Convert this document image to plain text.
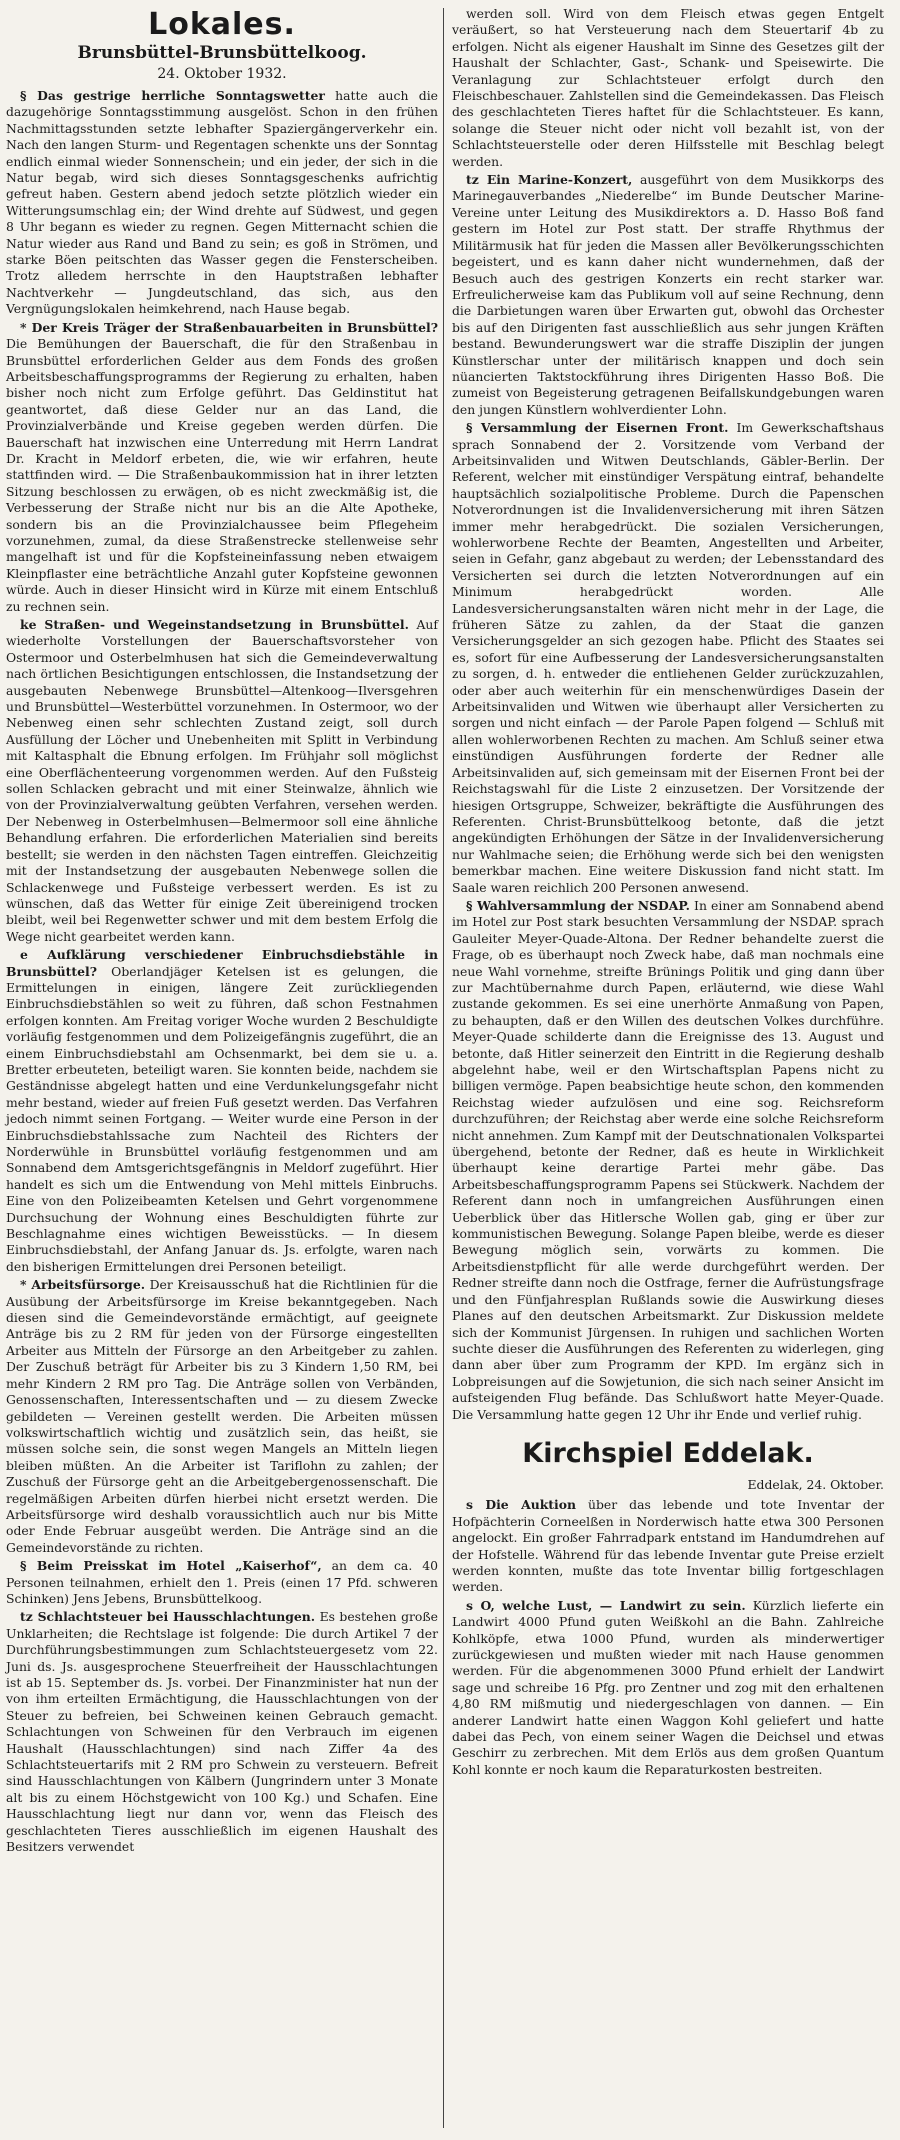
Lokales.
Brunsbüttel-Brunsbüttelkoog.
24. Oktober 1932.

§ Das gestrige herrliche Sonntagswetter hatte auch die dazugehörige Sonntagsstimmung ausgelöst. Schon in den frühen Nachmittagsstunden setzte lebhafter Spaziergängerverkehr ein. Nach den langen Sturm- und Regentagen schenkte uns der Sonntag endlich einmal wieder Sonnenschein; und ein jeder, der sich in die Natur begab, wird sich dieses Sonntagsgeschenks aufrichtig gefreut haben. Gestern abend jedoch setzte plötzlich wieder ein Witterungsumschlag ein; der Wind drehte auf Südwest, und gegen 8 Uhr begann es wieder zu regnen. Gegen Mitternacht schien die Natur wieder aus Rand und Band zu sein; es goß in Strömen, und starke Böen peitschten das Wasser gegen die Fensterscheiben. Trotz alledem herrschte in den Hauptstraßen lebhafter Nachtverkehr — Jungdeutschland, das sich, aus den Vergnügungslokalen heimkehrend, nach Hause begab.

* Der Kreis Träger der Straßenbauarbeiten in Brunsbüttel? Die Bemühungen der Bauerschaft, die für den Straßenbau in Brunsbüttel erforderlichen Gelder aus dem Fonds des großen Arbeitsbeschaffungsprogramms der Regierung zu erhalten, haben bisher noch nicht zum Erfolge geführt. Das Geldinstitut hat geantwortet, daß diese Gelder nur an das Land, die Provinzialverbände und Kreise gegeben werden dürfen. Die Bauerschaft hat inzwischen eine Unterredung mit Herrn Landrat Dr. Kracht in Meldorf erbeten, die, wie wir erfahren, heute stattfinden wird. — Die Straßenbaukommission hat in ihrer letzten Sitzung beschlossen zu erwägen, ob es nicht zweckmäßig ist, die Verbesserung der Straße nicht nur bis an die Alte Apotheke, sondern bis an die Provinzialchaussee beim Pflegeheim vorzunehmen, zumal, da diese Straßenstrecke stellenweise sehr mangelhaft ist und für die Kopfsteineinfassung neben etwaigem Kleinpflaster eine beträchtliche Anzahl guter Kopfsteine gewonnen würde. Auch in dieser Hinsicht wird in Kürze mit einem Entschluß zu rechnen sein.

ke Straßen- und Wegeinstandsetzung in Brunsbüttel. Auf wiederholte Vorstellungen der Bauerschaftsvorsteher von Ostermoor und Osterbelmhusen hat sich die Gemeindeverwaltung nach örtlichen Besichtigungen entschlossen, die Instandsetzung der ausgebauten Nebenwege Brunsbüttel—Altenkoog—Ilversgehren und Brunsbüttel—Westerbüttel vorzunehmen. In Ostermoor, wo der Nebenweg einen sehr schlechten Zustand zeigt, soll durch Ausfüllung der Löcher und Unebenheiten mit Splitt in Verbindung mit Kaltasphalt die Ebnung erfolgen. Im Frühjahr soll möglichst eine Oberflächenteerung vorgenommen werden. Auf den Fußsteig sollen Schlacken gebracht und mit einer Steinwalze, ähnlich wie von der Provinzialverwaltung geübten Verfahren, versehen werden. Der Nebenweg in Osterbelmhusen—Belmermoor soll eine ähnliche Behandlung erfahren. Die erforderlichen Materialien sind bereits bestellt; sie werden in den nächsten Tagen eintreffen. Gleichzeitig mit der Instandsetzung der ausgebauten Nebenwege sollen die Schlackenwege und Fußsteige verbessert werden. Es ist zu wünschen, daß das Wetter für einige Zeit übereinigend trocken bleibt, weil bei Regenwetter schwer und mit dem bestem Erfolg die Wege nicht gearbeitet werden kann.

e Aufklärung verschiedener Einbruchsdiebstähle in Brunsbüttel? Oberlandjäger Ketelsen ist es gelungen, die Ermittelungen in einigen, längere Zeit zurückliegenden Einbruchsdiebstählen so weit zu führen, daß schon Festnahmen erfolgen konnten. Am Freitag voriger Woche wurden 2 Beschuldigte vorläufig festgenommen und dem Polizeigefängnis zugeführt, die an einem Einbruchsdiebstahl am Ochsenmarkt, bei dem sie u. a. Bretter erbeuteten, beteiligt waren. Sie konnten beide, nachdem sie Geständnisse abgelegt hatten und eine Verdunkelungsgefahr nicht mehr bestand, wieder auf freien Fuß gesetzt werden. Das Verfahren jedoch nimmt seinen Fortgang. — Weiter wurde eine Person in der Einbruchsdiebstahlssache zum Nachteil des Richters der Norderwühle in Brunsbüttel vorläufig festgenommen und am Sonnabend dem Amtsgerichtsgefängnis in Meldorf zugeführt. Hier handelt es sich um die Entwendung von Mehl mittels Einbruchs. Eine von den Polizeibeamten Ketelsen und Gehrt vorgenommene Durchsuchung der Wohnung eines Beschuldigten führte zur Beschlagnahme eines wichtigen Beweisstücks. — In diesem Einbruchsdiebstahl, der Anfang Januar ds. Js. erfolgte, waren nach den bisherigen Ermittelungen drei Personen beteiligt.

* Arbeitsfürsorge. Der Kreisausschuß hat die Richtlinien für die Ausübung der Arbeitsfürsorge im Kreise bekanntgegeben. Nach diesen sind die Gemeindevorstände ermächtigt, auf geeignete Anträge bis zu 2 RM für jeden von der Fürsorge eingestellten Arbeiter aus Mitteln der Fürsorge an den Arbeitgeber zu zahlen. Der Zuschuß beträgt für Arbeiter bis zu 3 Kindern 1,50 RM, bei mehr Kindern 2 RM pro Tag. Die Anträge sollen von Verbänden, Genossenschaften, Interessentschaften und — zu diesem Zwecke gebildeten — Vereinen gestellt werden. Die Arbeiten müssen volkswirtschaftlich wichtig und zusätzlich sein, das heißt, sie müssen solche sein, die sonst wegen Mangels an Mitteln liegen bleiben müßten. An die Arbeiter ist Tariflohn zu zahlen; der Zuschuß der Fürsorge geht an die Arbeitgebergenossenschaft. Die regelmäßigen Arbeiten dürfen hierbei nicht ersetzt werden. Die Arbeitsfürsorge wird deshalb voraussichtlich auch nur bis Mitte oder Ende Februar ausgeübt werden. Die Anträge sind an die Gemeindevorstände zu richten.

§ Beim Preisskat im Hotel „Kaiserhof“, an dem ca. 40 Personen teilnahmen, erhielt den 1. Preis (einen 17 Pfd. schweren Schinken) Jens Jebens, Brunsbüttelkoog.

tz Schlachtsteuer bei Hausschlachtungen. Es bestehen große Unklarheiten; die Rechtslage ist folgende: Die durch Artikel 7 der Durchführungsbestimmungen zum Schlachtsteuergesetz vom 22. Juni ds. Js. ausgesprochene Steuerfreiheit der Hausschlachtungen ist ab 15. September ds. Js. vorbei. Der Finanzminister hat nun der von ihm erteilten Ermächtigung, die Hausschlachtungen von der Steuer zu befreien, bei Schweinen keinen Gebrauch gemacht. Schlachtungen von Schweinen für den Verbrauch im eigenen Haushalt (Hausschlachtungen) sind nach Ziffer 4a des Schlachtsteuertarifs mit 2 RM pro Schwein zu versteuern. Befreit sind Hausschlachtungen von Kälbern (Jungrindern unter 3 Monate alt bis zu einem Höchstgewicht von 100 Kg.) und Schafen. Eine Hausschlachtung liegt nur dann vor, wenn das Fleisch des geschlachteten Tieres ausschließlich im eigenen Haushalt des Besitzers verwendet

werden soll. Wird von dem Fleisch etwas gegen Entgelt veräußert, so hat Versteuerung nach dem Steuertarif 4b zu erfolgen. Nicht als eigener Haushalt im Sinne des Gesetzes gilt der Haushalt der Schlachter, Gast-, Schank- und Speisewirte. Die Veranlagung zur Schlachtsteuer erfolgt durch den Fleischbeschauer. Zahlstellen sind die Gemeindekassen. Das Fleisch des geschlachteten Tieres haftet für die Schlachtsteuer. Es kann, solange die Steuer nicht oder nicht voll bezahlt ist, von der Schlachtsteuerstelle oder deren Hilfsstelle mit Beschlag belegt werden.

tz Ein Marine-Konzert, ausgeführt von dem Musikkorps des Marinegauverbandes „Niederelbe“ im Bunde Deutscher Marine-Vereine unter Leitung des Musikdirektors a. D. Hasso Boß fand gestern im Hotel zur Post statt. Der straffe Rhythmus der Militärmusik hat für jeden die Massen aller Bevölkerungsschichten begeistert, und es kann daher nicht wundernehmen, daß der Besuch auch des gestrigen Konzerts ein recht starker war. Erfreulicherweise kam das Publikum voll auf seine Rechnung, denn die Darbietungen waren über Erwarten gut, obwohl das Orchester bis auf den Dirigenten fast ausschließlich aus sehr jungen Kräften bestand. Bewunderungswert war die straffe Disziplin der jungen Künstlerschar unter der militärisch knappen und doch sein nüancierten Taktstockführung ihres Dirigenten Hasso Boß. Die zumeist von Begeisterung getragenen Beifallskundgebungen waren den jungen Künstlern wohlverdienter Lohn.

§ Versammlung der Eisernen Front. Im Gewerkschaftshaus sprach Sonnabend der 2. Vorsitzende vom Verband der Arbeitsinvaliden und Witwen Deutschlands, Gäbler-Berlin. Der Referent, welcher mit einstündiger Verspätung eintraf, behandelte hauptsächlich sozialpolitische Probleme. Durch die Papenschen Notverordnungen ist die Invalidenversicherung mit ihren Sätzen immer mehr herabgedrückt. Die sozialen Versicherungen, wohlerworbene Rechte der Beamten, Angestellten und Arbeiter, seien in Gefahr, ganz abgebaut zu werden; der Lebensstandard des Versicherten sei durch die letzten Notverordnungen auf ein Minimum herabgedrückt worden. Alle Landesversicherungsanstalten wären nicht mehr in der Lage, die früheren Sätze zu zahlen, da der Staat die ganzen Versicherungsgelder an sich gezogen habe. Pflicht des Staates sei es, sofort für eine Aufbesserung der Landesversicherungsanstalten zu sorgen, d. h. entweder die entliehenen Gelder zurückzuzahlen, oder aber auch weiterhin für ein menschenwürdiges Dasein der Arbeitsinvaliden und Witwen wie überhaupt aller Versicherten zu sorgen und nicht einfach — der Parole Papen folgend — Schluß mit allen wohlerworbenen Rechten zu machen. Am Schluß seiner etwa einstündigen Ausführungen forderte der Redner alle Arbeitsinvaliden auf, sich gemeinsam mit der Eisernen Front bei der Reichstagswahl für die Liste 2 einzusetzen. Der Vorsitzende der hiesigen Ortsgruppe, Schweizer, bekräftigte die Ausführungen des Referenten. Christ-Brunsbüttelkoog betonte, daß die jetzt angekündigten Erhöhungen der Sätze in der Invalidenversicherung nur Wahlmache seien; die Erhöhung werde sich bei den wenigsten bemerkbar machen. Eine weitere Diskussion fand nicht statt. Im Saale waren reichlich 200 Personen anwesend.

§ Wahlversammlung der NSDAP. In einer am Sonnabend abend im Hotel zur Post stark besuchten Versammlung der NSDAP. sprach Gauleiter Meyer-Quade-Altona. Der Redner behandelte zuerst die Frage, ob es überhaupt noch Zweck habe, daß man nochmals eine neue Wahl vornehme, streifte Brünings Politik und ging dann über zur Machtübernahme durch Papen, erläuternd, wie diese Wahl zustande gekommen. Es sei eine unerhörte Anmaßung von Papen, zu behaupten, daß er den Willen des deutschen Volkes durchführe. Meyer-Quade schilderte dann die Ereignisse des 13. August und betonte, daß Hitler seinerzeit den Eintritt in die Regierung deshalb abgelehnt habe, weil er den Wirtschaftsplan Papens nicht zu billigen vermöge. Papen beabsichtige heute schon, den kommenden Reichstag wieder aufzulösen und eine sog. Reichsreform durchzuführen; der Reichstag aber werde eine solche Reichsreform nicht annehmen. Zum Kampf mit der Deutschnationalen Volkspartei übergehend, betonte der Redner, daß es heute in Wirklichkeit überhaupt keine derartige Partei mehr gäbe. Das Arbeitsbeschaffungsprogramm Papens sei Stückwerk. Nachdem der Referent dann noch in umfangreichen Ausführungen einen Ueberblick über das Hitlersche Wollen gab, ging er über zur kommunistischen Bewegung. Solange Papen bleibe, werde es dieser Bewegung möglich sein, vorwärts zu kommen. Die Arbeitsdienstpflicht für alle werde durchgeführt werden. Der Redner streifte dann noch die Ostfrage, ferner die Aufrüstungsfrage und den Fünfjahresplan Rußlands sowie die Auswirkung dieses Planes auf den deutschen Arbeitsmarkt. Zur Diskussion meldete sich der Kommunist Jürgensen. In ruhigen und sachlichen Worten suchte dieser die Ausführungen des Referenten zu widerlegen, ging dann aber über zum Programm der KPD. Im ergänz sich in Lobpreisungen auf die Sowjetunion, die sich nach seiner Ansicht im aufsteigenden Flug befände. Das Schlußwort hatte Meyer-Quade. Die Versammlung hatte gegen 12 Uhr ihr Ende und verlief ruhig.

Kirchspiel Eddelak.
Eddelak, 24. Oktober.

s Die Auktion über das lebende und tote Inventar der Hofpächterin Corneelßen in Norderwisch hatte etwa 300 Personen angelockt. Ein großer Fahrradpark entstand im Handumdrehen auf der Hofstelle. Während für das lebende Inventar gute Preise erzielt werden konnten, mußte das tote Inventar billig fortgeschlagen werden.

s O, welche Lust, — Landwirt zu sein. Kürzlich lieferte ein Landwirt 4000 Pfund guten Weißkohl an die Bahn. Zahlreiche Kohlköpfe, etwa 1000 Pfund, wurden als minderwertiger zurückgewiesen und mußten wieder mit nach Hause genommen werden. Für die abgenommenen 3000 Pfund erhielt der Landwirt sage und schreibe 16 Pfg. pro Zentner und zog mit den erhaltenen 4,80 RM mißmutig und niedergeschlagen von dannen. — Ein anderer Landwirt hatte einen Waggon Kohl geliefert und hatte dabei das Pech, von einem seiner Wagen die Deichsel und etwas Geschirr zu zerbrechen. Mit dem Erlös aus dem großen Quantum Kohl konnte er noch kaum die Reparaturkosten bestreiten.
